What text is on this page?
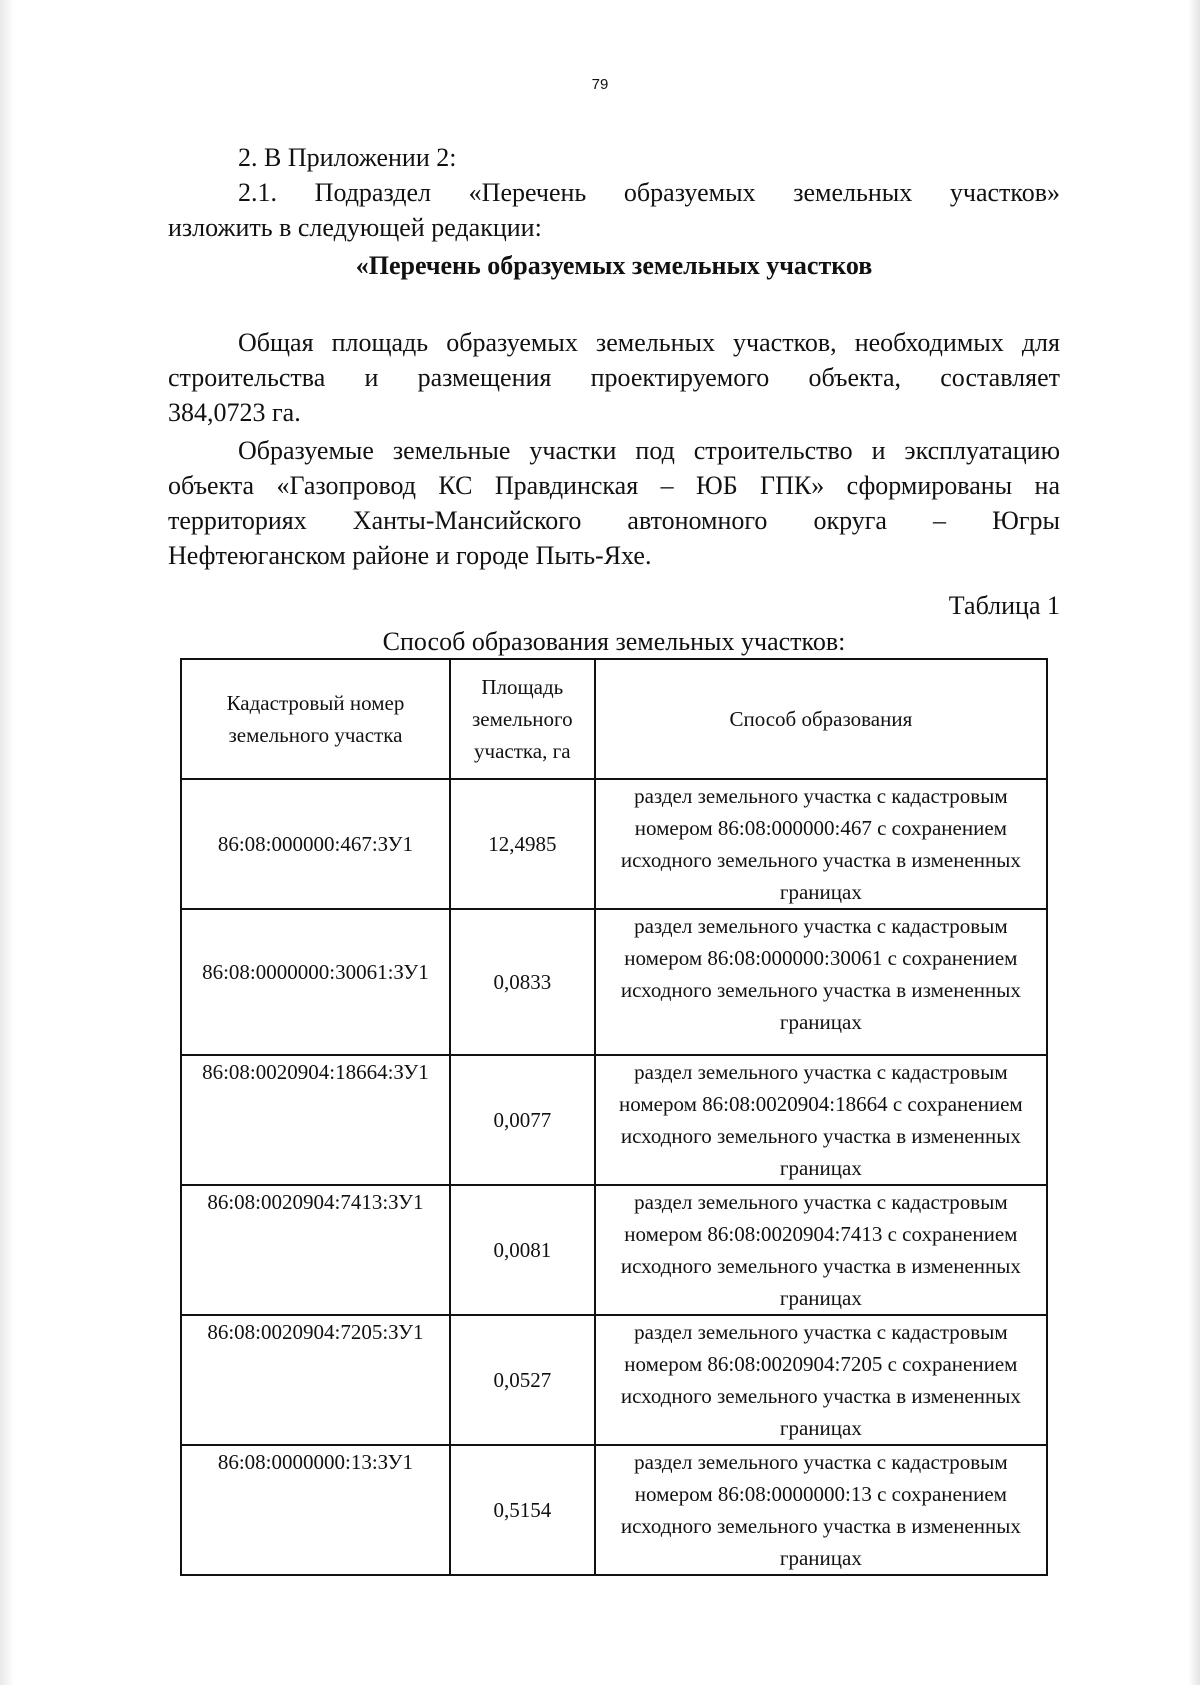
79

2. В Приложении 2:

2.1. Подраздел «Перечень образуемых земельных участков»

изложить в следующей редакции:

«Перечень образуемых земельных участков

Общая площадь образуемых земельных участков, необходимых для

строительства и размещения проектируемого объекта, составляет

384,0723 га.

Образуемые земельные участки под строительство и эксплуатацию

объекта «Газопровод КС Правдинская – ЮБ ГПК» сформированы на

территориях Ханты-Мансийского автономного округа – Югры

Нефтеюганском районе и городе Пыть-Яхе.

Таблица 1
Способ образования земельных участков:
Кадастровый номер земельного участка	Площадь земельного участка, га	Способ образования
86:08:000000:467:ЗУ1	12,4985	раздел земельного участка с кадастровым номером 86:08:000000:467 с сохранением исходного земельного участка в измененных границах
86:08:0000000:30061:ЗУ1	0,0833	раздел земельного участка с кадастровым номером 86:08:000000:30061 с сохранением исходного земельного участка в измененных границах
86:08:0020904:18664:ЗУ1	0,0077	раздел земельного участка с кадастровым номером 86:08:0020904:18664 с сохранением исходного земельного участка в измененных границах
86:08:0020904:7413:ЗУ1	0,0081	раздел земельного участка с кадастровым номером 86:08:0020904:7413 с сохранением исходного земельного участка в измененных границах
86:08:0020904:7205:ЗУ1	0,0527	раздел земельного участка с кадастровым номером 86:08:0020904:7205 с сохранением исходного земельного участка в измененных границах
86:08:0000000:13:ЗУ1	0,5154	раздел земельного участка с кадастровым номером 86:08:0000000:13 с сохранением исходного земельного участка в измененных границах
